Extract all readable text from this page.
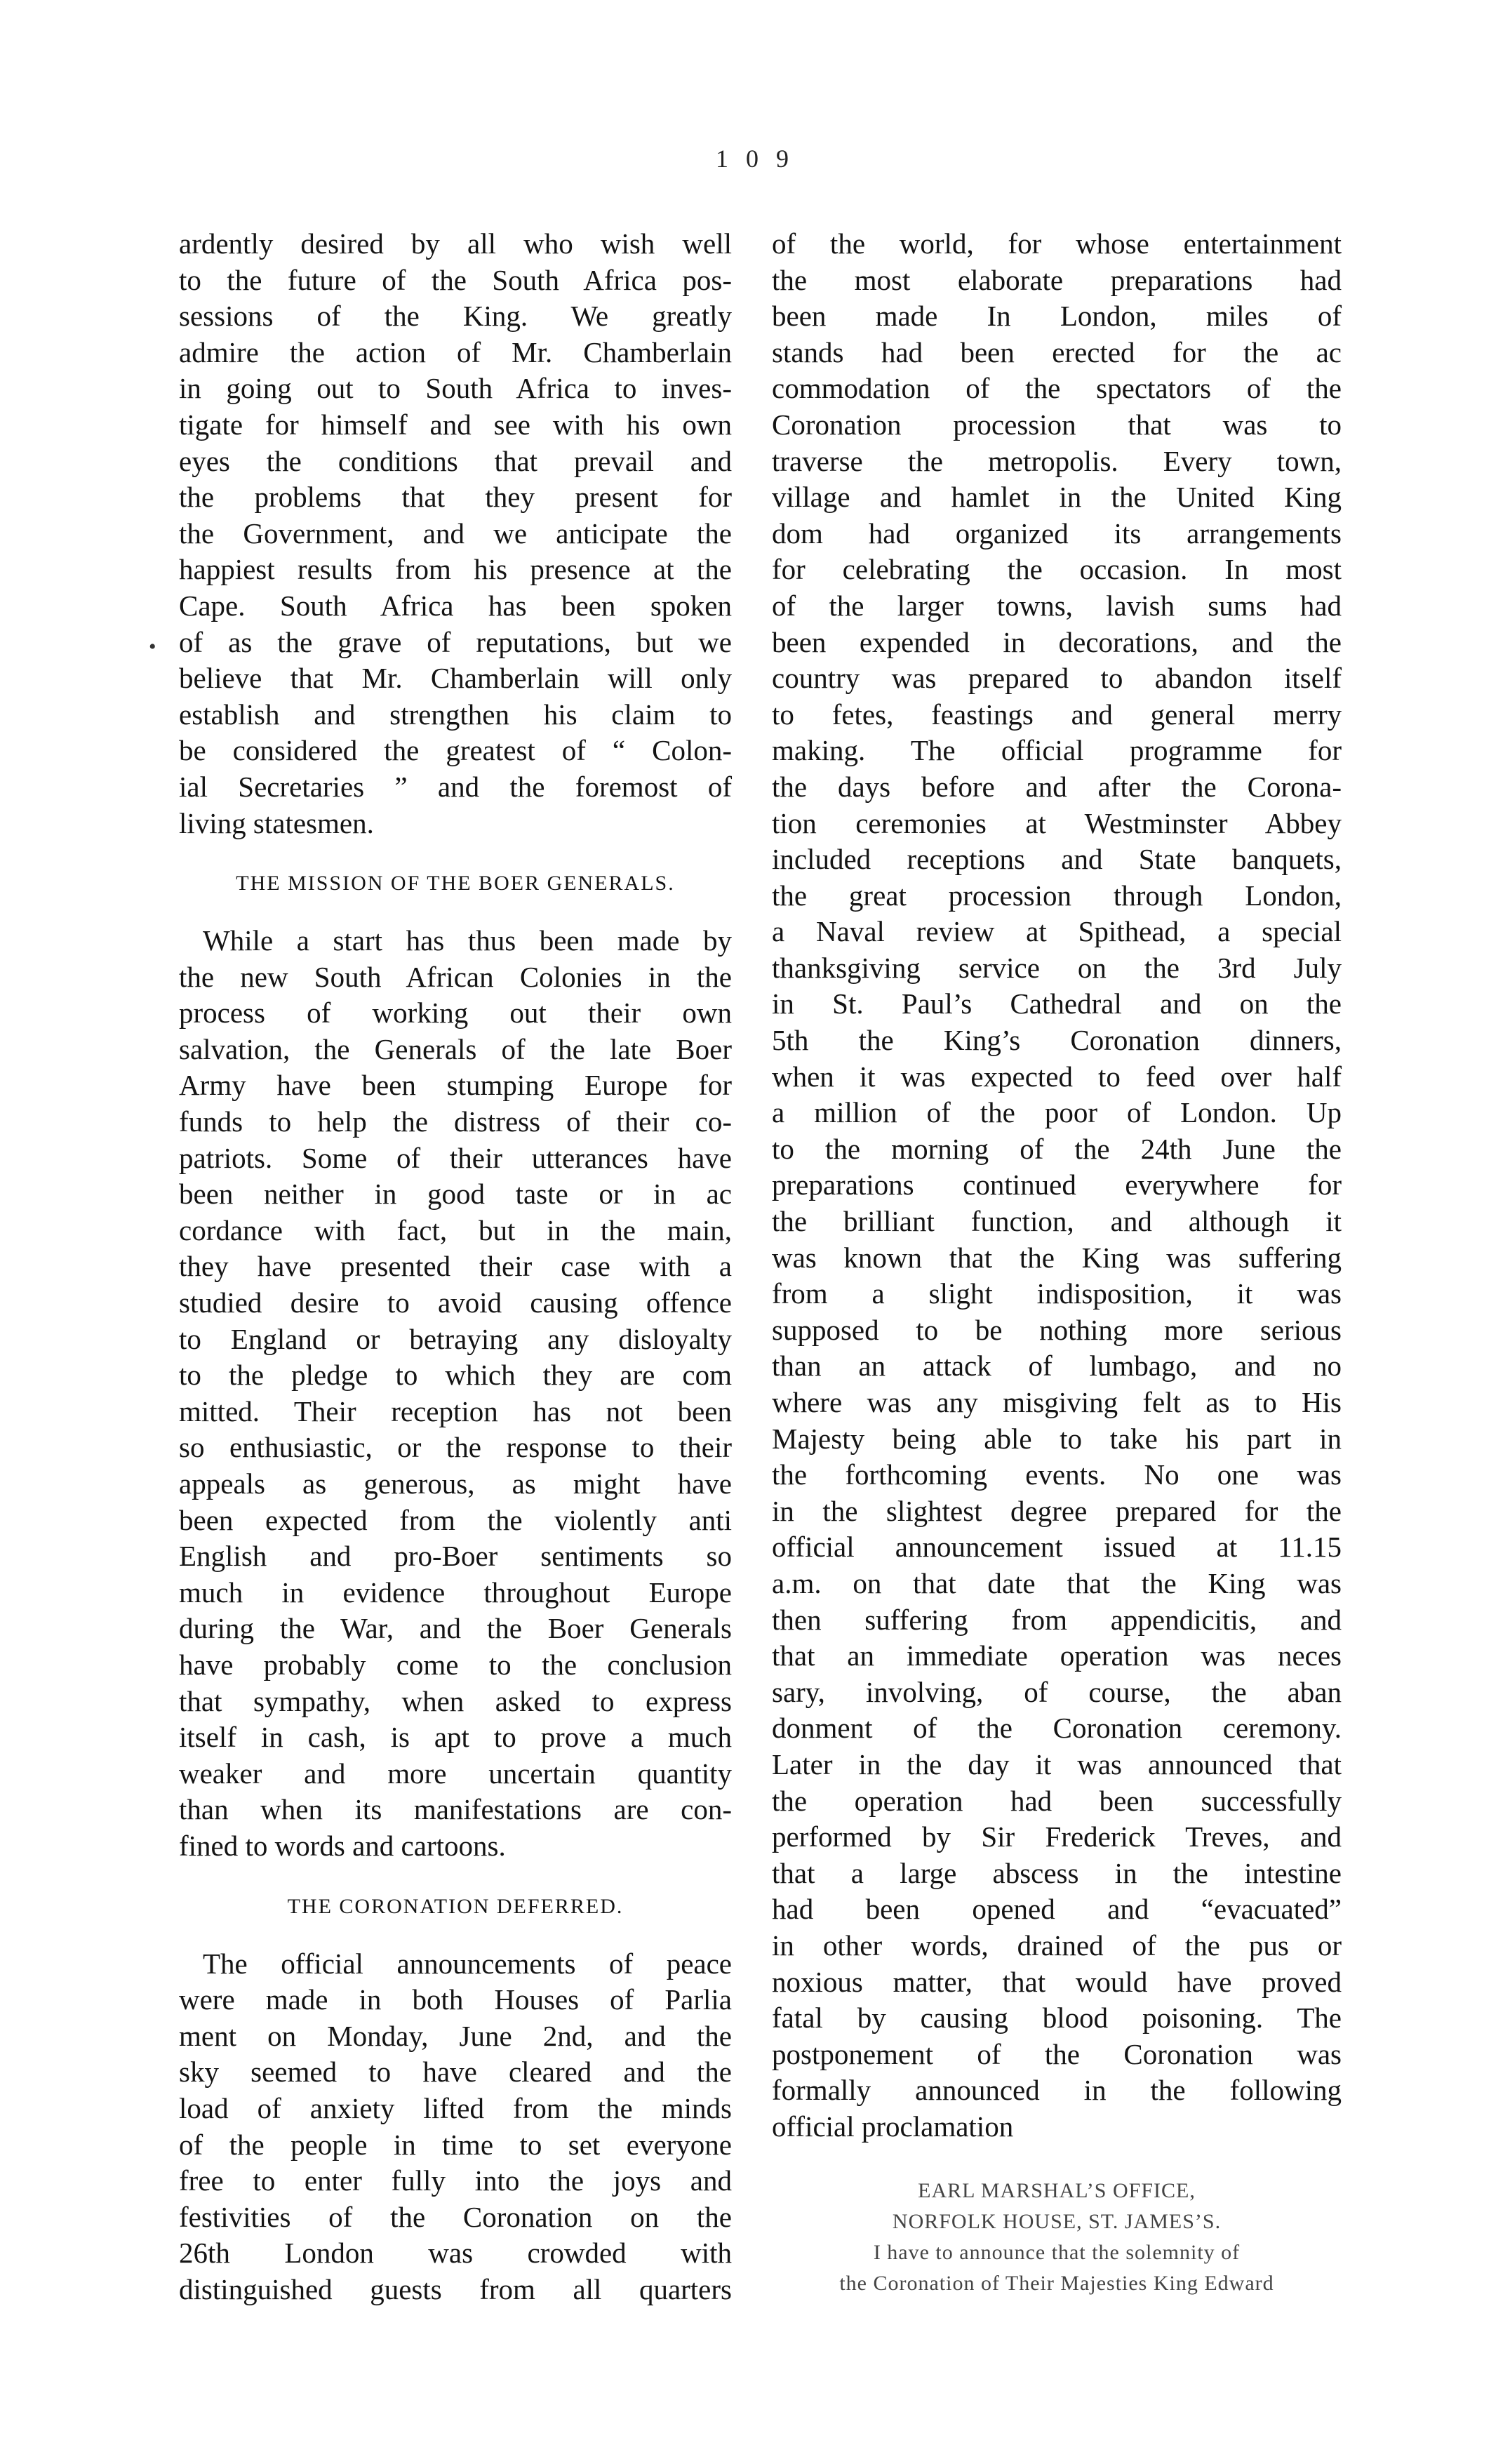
1 0 9
•
ardently desired by all who wish well
to the future of the South Africa pos-
sessions of the King. We greatly
admire the action of Mr. Chamberlain
in going out to South Africa to inves-
tigate for himself and see with his own
eyes the conditions that prevail and
the problems that they present for
the Government, and we anticipate the
happiest results from his presence at the
Cape. South Africa has been spoken
of as the grave of reputations, but we
believe that Mr. Chamberlain will only
establish and strengthen his claim to
be considered the greatest of “ Colon-
ial Secretaries ” and the foremost of
living statesmen.
THE MISSION OF THE BOER GENERALS.
While a start has thus been made by
the new South African Colonies in the
process of working out their own
salvation, the Generals of the late Boer
Army have been stumping Europe for
funds to help the distress of their co-
patriots. Some of their utterances have
been neither in good taste or in ac
cordance with fact, but in the main,
they have presented their case with a
studied desire to avoid causing offence
to England or betraying any disloyalty
to the pledge to which they are com
mitted. Their reception has not been
so enthusiastic, or the response to their
appeals as generous, as might have
been expected from the violently anti
English and pro-Boer sentiments so
much in evidence throughout Europe
during the War, and the Boer Generals
have probably come to the conclusion
that sympathy, when asked to express
itself in cash, is apt to prove a much
weaker and more uncertain quantity
than when its manifestations are con-
fined to words and cartoons.
THE CORONATION DEFERRED.
The official announcements of peace
were made in both Houses of Parlia
ment on Monday, June 2nd, and the
sky seemed to have cleared and the
load of anxiety lifted from the minds
of the people in time to set everyone
free to enter fully into the joys and
festivities of the Coronation on the
26th London was crowded with
distinguished guests from all quarters
of the world, for whose entertainment
the most elaborate preparations had
been made In London, miles of
stands had been erected for the ac
commodation of the spectators of the
Coronation procession that was to
traverse the metropolis. Every town,
village and hamlet in the United King
dom had organized its arrangements
for celebrating the occasion. In most
of the larger towns, lavish sums had
been expended in decorations, and the
country was prepared to abandon itself
to fetes, feastings and general merry
making. The official programme for
the days before and after the Corona-
tion ceremonies at Westminster Abbey
included receptions and State banquets,
the great procession through London,
a Naval review at Spithead, a special
thanksgiving service on the 3rd July
in St. Paul’s Cathedral and on the
5th the King’s Coronation dinners,
when it was expected to feed over half
a million of the poor of London. Up
to the morning of the 24th June the
preparations continued everywhere for
the brilliant function, and although it
was known that the King was suffering
from a slight indisposition, it was
supposed to be nothing more serious
than an attack of lumbago, and no
where was any misgiving felt as to His
Majesty being able to take his part in
the forthcoming events. No one was
in the slightest degree prepared for the
official announcement issued at 11.15
a.m. on that date that the King was
then suffering from appendicitis, and
that an immediate operation was neces
sary, involving, of course, the aban
donment of the Coronation ceremony.
Later in the day it was announced that
the operation had been successfully
performed by Sir Frederick Treves, and
that a large abscess in the intestine
had been opened and “evacuated”
in other words, drained of the pus or
noxious matter, that would have proved
fatal by causing blood poisoning. The
postponement of the Coronation was
formally announced in the following
official proclamation
EARL MARSHAL’S OFFICE,
NORFOLK HOUSE, ST. JAMES’S.
I have to announce that the solemnity of
the Coronation of Their Majesties King Edward
